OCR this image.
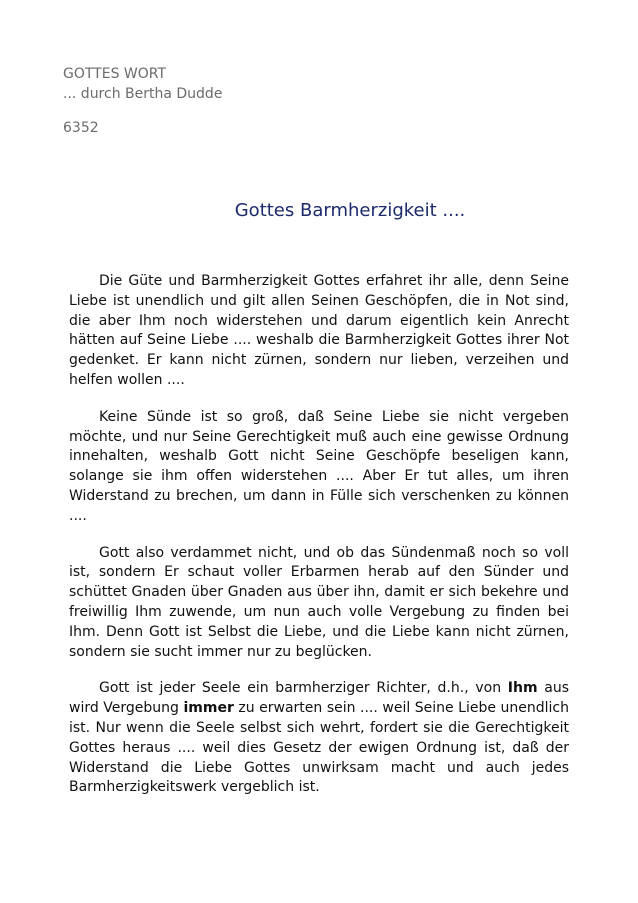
GOTTES WORT
... durch Bertha Dudde
6352
Gottes Barmherzigkeit ....

Die Güte und Barmherzigkeit Gottes erfahret ihr alle, denn Seine Liebe ist unendlich und gilt allen Seinen Geschöpfen, die in Not sind, die aber Ihm noch widerstehen und darum eigentlich kein Anrecht hätten auf Seine Liebe .... weshalb die Barmherzigkeit Gottes ihrer Not gedenket. Er kann nicht zürnen, sondern nur lieben, verzeihen und helfen wollen ....

Keine Sünde ist so groß, daß Seine Liebe sie nicht vergeben möchte, und nur Seine Gerechtigkeit muß auch eine gewisse Ordnung innehalten, weshalb Gott nicht Seine Geschöpfe beseligen kann, solange sie ihm offen widerstehen .... Aber Er tut alles, um ihren Widerstand zu brechen, um dann in Fülle sich verschenken zu können ....

Gott also verdammet nicht, und ob das Sündenmaß noch so voll ist, sondern Er schaut voller Erbarmen herab auf den Sünder und schüttet Gnaden über Gnaden aus über ihn, damit er sich bekehre und freiwillig Ihm zuwende, um nun auch volle Vergebung zu finden bei Ihm. Denn Gott ist Selbst die Liebe, und die Liebe kann nicht zürnen, sondern sie sucht immer nur zu beglücken.

Gott ist jeder Seele ein barmherziger Richter, d.h., von Ihm aus wird Vergebung immer zu erwarten sein .... weil Seine Liebe unendlich ist. Nur wenn die Seele selbst sich wehrt, fordert sie die Gerechtigkeit Gottes heraus .... weil dies Gesetz der ewigen Ordnung ist, daß der Widerstand die Liebe Gottes unwirksam macht und auch jedes Barmherzigkeitswerk vergeblich ist.
